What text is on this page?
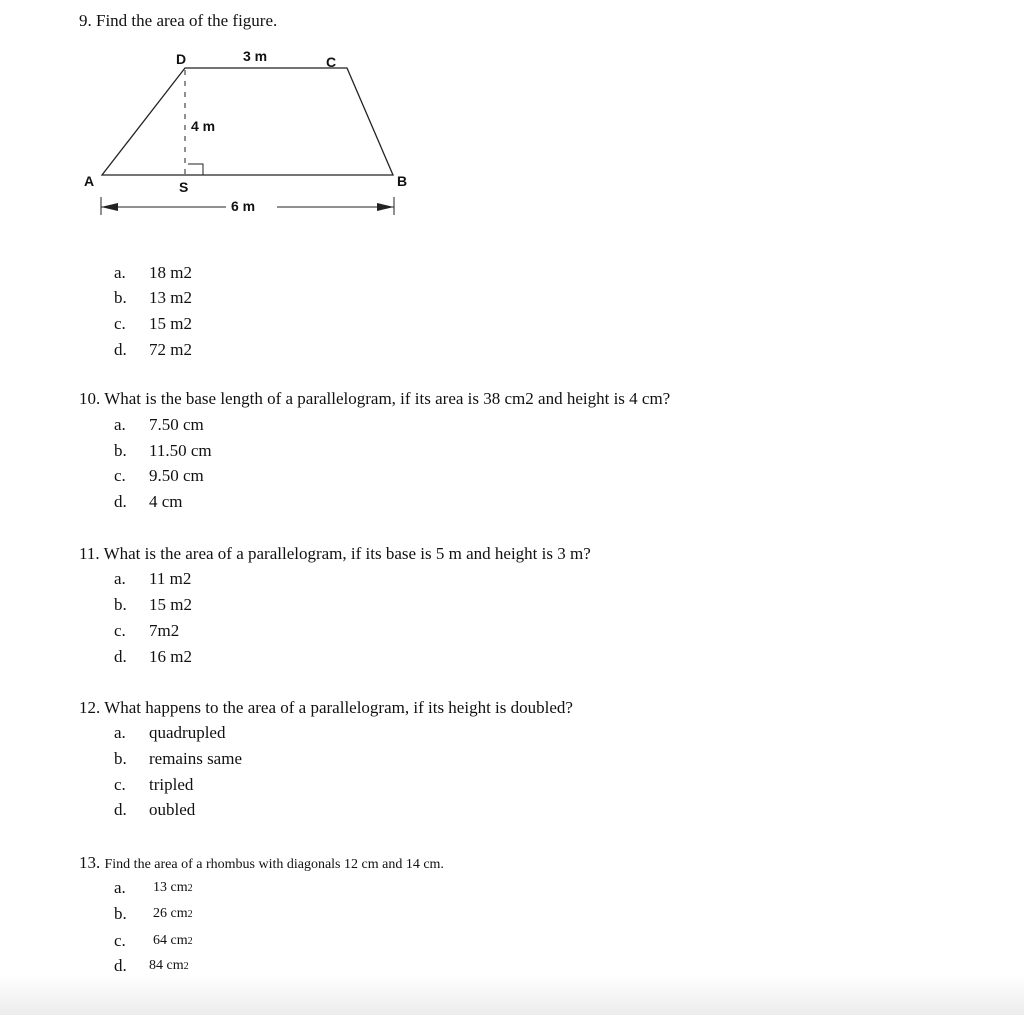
9. Find the area of the figure.
D	3 m	C
4 m
A	S	B
6 m
a. 18 m2
b. 13 m2
c. 15 m2
d. 72 m2
10. What is the base length of a parallelogram, if its area is 38 cm2 and height is 4 cm?
a. 7.50 cm
b. 11.50 cm
c. 9.50 cm
d. 4 cm
11. What is the area of a parallelogram, if its base is 5 m and height is 3 m?
a. 11 m2
b. 15 m2
c. 7m2
d. 16 m2
12. What happens to the area of a parallelogram, if its height is doubled?
a. quadrupled
b. remains same
c. tripled
d. oubled
13. Find the area of a rhombus with diagonals 12 cm and 14 cm.
a. 13 cm2
b. 26 cm2
c. 64 cm2
d. 84 cm2
